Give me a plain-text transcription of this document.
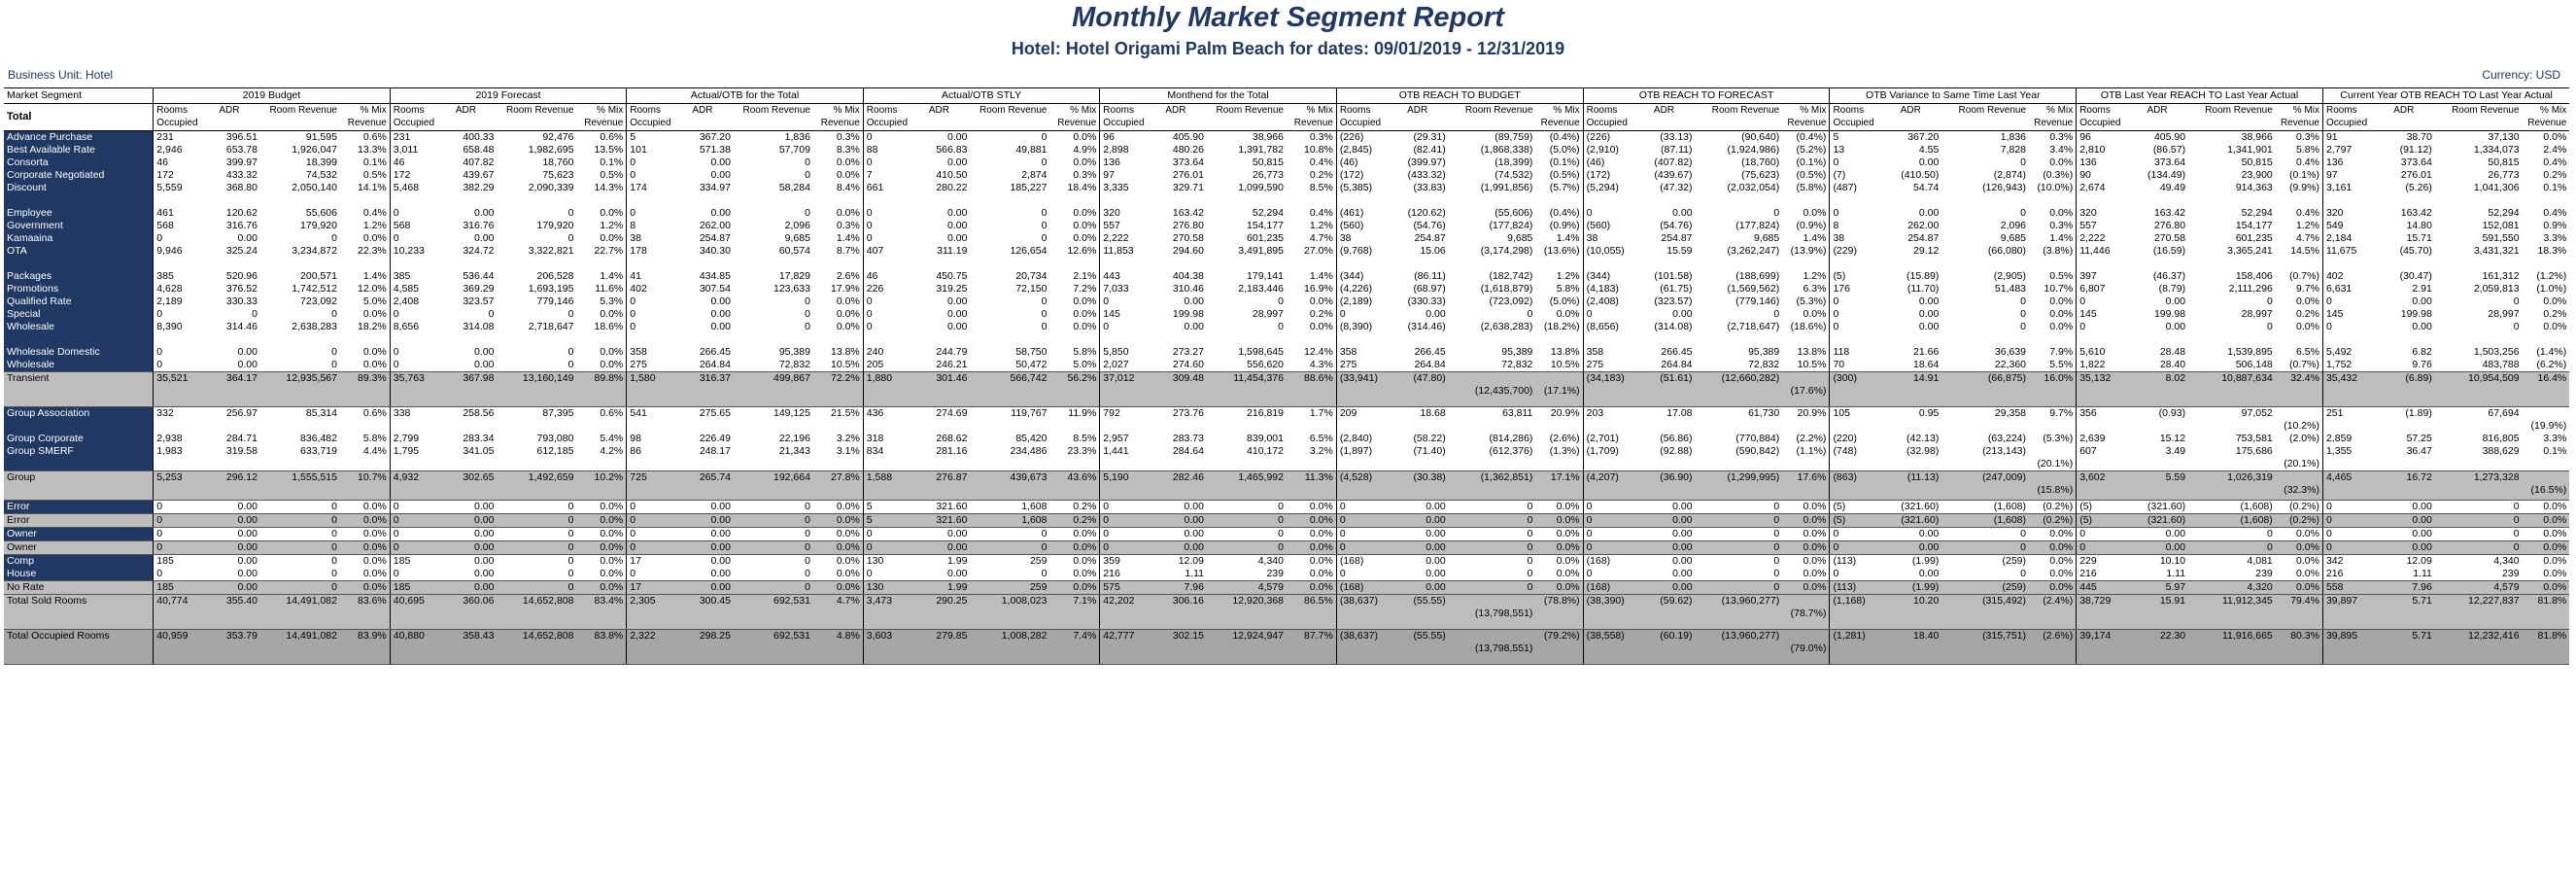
Monthly Market Segment Report
Hotel: Hotel Origami Palm Beach for dates: 09/01/2019 - 12/31/2019
Business Unit: Hotel	Currency: USD
Market Segment	2019 Budget				2019 Forecast				Actual/OTB for the Total				Actual/OTB STLY				Monthend for the Total				OTB REACH TO BUDGET				OTB REACH TO FORECAST				OTB Variance to Same Time Last Year				OTB Last Year REACH TO Last Year Actual				Current Year OTB REACH TO Last Year Actual			
Total	Rooms Occupied	ADR	Room Revenue	% Mix Revenue	Rooms Occupied	ADR	Room Revenue	% Mix Revenue	Rooms Occupied	ADR	Room Revenue	% Mix Revenue	Rooms Occupied	ADR	Room Revenue	% Mix Revenue	Rooms Occupied	ADR	Room Revenue	% Mix Revenue	Rooms Occupied	ADR	Room Revenue	% Mix Revenue	Rooms Occupied	ADR	Room Revenue	% Mix Revenue	Rooms Occupied	ADR	Room Revenue	% Mix Revenue	Rooms Occupied	ADR	Room Revenue	% Mix Revenue	Rooms Occupied	ADR	Room Revenue	% Mix Revenue
Advance Purchase	231	396.51	91,595	0.6%	231	400.33	92,476	0.6%	5	367.20	1,836	0.3%	0	0.00	0	0.0%	96	405.90	38,966	0.3%	(226)	(29.31)	(89,759)	(0.4%)	(226)	(33.13)	(90,640)	(0.4%)	5	367.20	1,836	0.3%	96	405.90	38,966	0.3%	91	38.70	37,130	0.0%
Best Available Rate	2,946	653.78	1,926,047	13.3%	3,011	658.48	1,982,695	13.5%	101	571.38	57,709	8.3%	88	566.83	49,881	4.9%	2,898	480.26	1,391,782	10.8%	(2,845)	(82.41)	(1,868,338)	(5.0%)	(2,910)	(87.11)	(1,924,986)	(5.2%)	13	4.55	7,828	3.4%	2,810	(86.57)	1,341,901	5.8%	2,797	(91.12)	1,334,073	2.4%
Consorta	46	399.97	18,399	0.1%	46	407.82	18,760	0.1%	0	0.00	0	0.0%	0	0.00	0	0.0%	136	373.64	50,815	0.4%	(46)	(399.97)	(18,399)	(0.1%)	(46)	(407.82)	(18,760)	(0.1%)	0	0.00	0	0.0%	136	373.64	50,815	0.4%	136	373.64	50,815	0.4%
Corporate Negotiated	172	433.32	74,532	0.5%	172	439.67	75,623	0.5%	0	0.00	0	0.0%	7	410.50	2,874	0.3%	97	276.01	26,773	0.2%	(172)	(433.32)	(74,532)	(0.5%)	(172)	(439.67)	(75,623)	(0.5%)	(7)	(410.50)	(2,874)	(0.3%)	90	(134.49)	23,900	(0.1%)	97	276.01	26,773	0.2%
Discount	5,559	368.80	2,050,140	14.1%	5,468	382.29	2,090,339	14.3%	174	334.97	58,284	8.4%	661	280.22	185,227	18.4%	3,335	329.71	1,099,590	8.5%	(5,385)	(33.83)	(1,991,856)	(5.7%)	(5,294)	(47.32)	(2,032,054)	(5.8%)	(487)	54.74	(126,943)	(10.0%)	2,674	49.49	914,363	(9.9%)	3,161	(5.26)	1,041,306	0.1%
Employee	461	120.62	55,606	0.4%	0	0.00	0	0.0%	0	0.00	0	0.0%	0	0.00	0	0.0%	320	163.42	52,294	0.4%	(461)	(120.62)	(55,606)	(0.4%)	0	0.00	0	0.0%	0	0.00	0	0.0%	320	163.42	52,294	0.4%	320	163.42	52,294	0.4%
Government	568	316.76	179,920	1.2%	568	316.76	179,920	1.2%	8	262.00	2,096	0.3%	0	0.00	0	0.0%	557	276.80	154,177	1.2%	(560)	(54.76)	(177,824)	(0.9%)	(560)	(54.76)	(177,824)	(0.9%)	8	262.00	2,096	0.3%	557	276.80	154,177	1.2%	549	14.80	152,081	0.9%
Kamaaina	0	0.00	0	0.0%	0	0.00	0	0.0%	38	254.87	9,685	1.4%	0	0.00	0	0.0%	2,222	270.58	601,235	4.7%	38	254.87	9,685	1.4%	38	254.87	9,685	1.4%	38	254.87	9,685	1.4%	2,222	270.58	601,235	4.7%	2,184	15.71	591,550	3.3%
OTA	9,946	325.24	3,234,872	22.3%	10,233	324.72	3,322,821	22.7%	178	340.30	60,574	8.7%	407	311.19	126,654	12.6%	11,853	294.60	3,491,895	27.0%	(9,768)	15.06	(3,174,298)	(13.6%)	(10,055)	15.59	(3,262,247)	(13.9%)	(229)	29.12	(66,080)	(3.8%)	11,446	(16.59)	3,365,241	14.5%	11,675	(45.70)	3,431,321	18.3%
Packages	385	520.96	200,571	1.4%	385	536.44	206,528	1.4%	41	434.85	17,829	2.6%	46	450.75	20,734	2.1%	443	404.38	179,141	1.4%	(344)	(86.11)	(182,742)	1.2%	(344)	(101.58)	(188,699)	1.2%	(5)	(15.89)	(2,905)	0.5%	397	(46.37)	158,406	(0.7%)	402	(30.47)	161,312	(1.2%)
Promotions	4,628	376.52	1,742,512	12.0%	4,585	369.29	1,693,195	11.6%	402	307.54	123,633	17.9%	226	319.25	72,150	7.2%	7,033	310.46	2,183,446	16.9%	(4,226)	(68.97)	(1,618,879)	5.8%	(4,183)	(61.75)	(1,569,562)	6.3%	176	(11.70)	51,483	10.7%	6,807	(8.79)	2,111,296	9.7%	6,631	2.91	2,059,813	(1.0%)
Qualified Rate	2,189	330.33	723,092	5.0%	2,408	323.57	779,146	5.3%	0	0.00	0	0.0%	0	0.00	0	0.0%	0	0.00	0	0.0%	(2,189)	(330.33)	(723,092)	(5.0%)	(2,408)	(323.57)	(779,146)	(5.3%)	0	0.00	0	0.0%	0	0.00	0	0.0%	0	0.00	0	0.0%
Special	0	0	0	0.0%	0	0	0	0.0%	0	0.00	0	0.0%	0	0.00	0	0.0%	145	199.98	28,997	0.2%	0	0.00	0	0.0%	0	0.00	0	0.0%	0	0.00	0	0.0%	145	199.98	28,997	0.2%	145	199.98	28,997	0.2%
Wholesale	8,390	314.46	2,638,283	18.2%	8,656	314.08	2,718,647	18.6%	0	0.00	0	0.0%	0	0.00	0	0.0%	0	0.00	0	0.0%	(8,390)	(314.46)	(2,638,283)	(18.2%)	(8,656)	(314.08)	(2,718,647)	(18.6%)	0	0.00	0	0.0%	0	0.00	0	0.0%	0	0.00	0	0.0%
Wholesale Domestic	0	0.00	0	0.0%	0	0.00	0	0.0%	358	266.45	95,389	13.8%	240	244.79	58,750	5.8%	5,850	273.27	1,598,645	12.4%	358	266.45	95,389	13.8%	358	266.45	95,389	13.8%	118	21.66	36,639	7.9%	5,610	28.48	1,539,895	6.5%	5,492	6.82	1,503,256	(1.4%)
Wholesale	0	0.00	0	0.0%	0	0.00	0	0.0%	275	264.84	72,832	10.5%	205	246.21	50,472	5.0%	2,027	274.60	556,620	4.3%	275	264.84	72,832	10.5%	275	264.84	72,832	10.5%	70	18.64	22,360	5.5%	1,822	28.40	506,148	(0.7%)	1,752	9.76	483,788	(6.2%)
Transient	35,521	364.17	12,935,567	89.3%	35,763	367.98	13,160,149	89.8%	1,580	316.37	499,867	72.2%	1,880	301.46	566,742	56.2%	37,012	309.48	11,454,376	88.6%	(33,941)	(47.80)	(12,435,700)	(17.1%)	(34,183)	(51.61)	(12,660,282)	(17.6%)	(300)	14.91	(66,875)	16.0%	35,132	8.02	10,887,634	32.4%	35,432	(6.89)	10,954,509	16.4%
Group Association	332	256.97	85,314	0.6%	338	258.56	87,395	0.6%	541	275.65	149,125	21.5%	436	274.69	119,767	11.9%	792	273.76	216,819	1.7%	209	18.68	63,811	20.9%	203	17.08	61,730	20.9%	105	0.95	29,358	9.7%	356	(0.93)	97,052	(10.2%)	251	(1.89)	67,694	(19.9%)

Group Corporate	2,938	284.71	836,482	5.8%	2,799	283.34	793,080	5.4%	98	226.49	22,196	3.2%	318	268.62	85,420	8.5%	2,957	283.73	839,001	6.5%	(2,840)	(58.22)	(814,286)	(2.6%)	(2,701)	(56.86)	(770,884)	(2.2%)	(220)	(42.13)	(63,224)	(5.3%)	2,639	15.12	753,581	(2.0%)	2,859	57.25	816,805	3.3%
Group SMERF	1,983	319.58	633,719	4.4%	1,795	341.05	612,185	4.2%	86	248.17	21,343	3.1%	834	281.16	234,486	23.3%	1,441	284.64	410,172	3.2%	(1,897)	(71.40)	(612,376)	(1.3%)	(1,709)	(92.88)	(590,842)	(1.1%)	(748)	(32.98)	(213,143)	(20.1%)	607	3.49	175,686	(20.1%)	1,355	36.47	388,629	0.1%
Group	5,253	296.12	1,555,515	10.7%	4,932	302.65	1,492,659	10.2%	725	265.74	192,664	27.8%	1,588	276.87	439,673	43.6%	5,190	282.46	1,465,992	11.3%	(4,528)	(30.38)	(1,362,851)	17.1%	(4,207)	(36.90)	(1,299,995)	17.6%	(863)	(11.13)	(247,009)	(15.8%)	3,602	5.59	1,026,319	(32.3%)	4,465	16.72	1,273,328	(16.5%)

Error	0	0.00	0	0.0%	0	0.00	0	0.0%	0	0.00	0	0.0%	5	321.60	1,608	0.2%	0	0.00	0	0.0%	0	0.00	0	0.0%	0	0.00	0	0.0%	(5)	(321.60)	(1,608)	(0.2%)	(5)	(321.60)	(1,608)	(0.2%)	0	0.00	0	0.0%
Error	0	0.00	0	0.0%	0	0.00	0	0.0%	0	0.00	0	0.0%	5	321.60	1,608	0.2%	0	0.00	0	0.0%	0	0.00	0	0.0%	0	0.00	0	0.0%	(5)	(321.60)	(1,608)	(0.2%)	(5)	(321.60)	(1,608)	(0.2%)	0	0.00	0	0.0%
Owner	0	0.00	0	0.0%	0	0.00	0	0.0%	0	0.00	0	0.0%	0	0.00	0	0.0%	0	0.00	0	0.0%	0	0.00	0	0.0%	0	0.00	0	0.0%	0	0.00	0	0.0%	0	0.00	0	0.0%	0	0.00	0	0.0%
Owner	0	0.00	0	0.0%	0	0.00	0	0.0%	0	0.00	0	0.0%	0	0.00	0	0.0%	0	0.00	0	0.0%	0	0.00	0	0.0%	0	0.00	0	0.0%	0	0.00	0	0.0%	0	0.00	0	0.0%	0	0.00	0	0.0%
Comp	185	0.00	0	0.0%	185	0.00	0	0.0%	17	0.00	0	0.0%	130	1.99	259	0.0%	359	12.09	4,340	0.0%	(168)	0.00	0	0.0%	(168)	0.00	0	0.0%	(113)	(1.99)	(259)	0.0%	229	10.10	4,081	0.0%	342	12.09	4,340	0.0%
House	0	0.00	0	0.0%	0	0.00	0	0.0%	0	0.00	0	0.0%	0	0.00	0	0.0%	216	1.11	239	0.0%	0	0.00	0	0.0%	0	0.00	0	0.0%	0	0.00	0	0.0%	216	1.11	239	0.0%	216	1.11	239	0.0%
No Rate	185	0.00	0	0.0%	185	0.00	0	0.0%	17	0.00	0	0.0%	130	1.99	259	0.0%	575	7.96	4,579	0.0%	(168)	0.00	0	0.0%	(168)	0.00	0	0.0%	(113)	(1.99)	(259)	0.0%	445	5.97	4,320	0.0%	558	7.96	4,579	0.0%
Total Sold Rooms	40,774	355.40	14,491,082	83.6%	40,695	360.06	14,652,808	83.4%	2,305	300.45	692,531	4.7%	3,473	290.25	1,008,023	7.1%	42,202	306.16	12,920,368	86.5%	(38,637)	(55.55)	(13,798,551)	(78.8%)	(38,390)	(59.62)	(13,960,277)	(78.7%)	(1,168)	10.20	(315,492)	(2.4%)	38,729	15.91	11,912,345	79.4%	39,897	5.71	12,227,837	81.8%
Total Occupied Rooms	40,959	353.79	14,491,082	83.9%	40,880	358.43	14,652,808	83.8%	2,322	298.25	692,531	4.8%	3,603	279.85	1,008,282	7.4%	42,777	302.15	12,924,947	87.7%	(38,637)	(55.55)	(13,798,551)	(79.2%)	(38,558)	(60.19)	(13,960,277)	(79.0%)	(1,281)	18.40	(315,751)	(2.6%)	39,174	22.30	11,916,665	80.3%	39,895	5.71	12,232,416	81.8%
